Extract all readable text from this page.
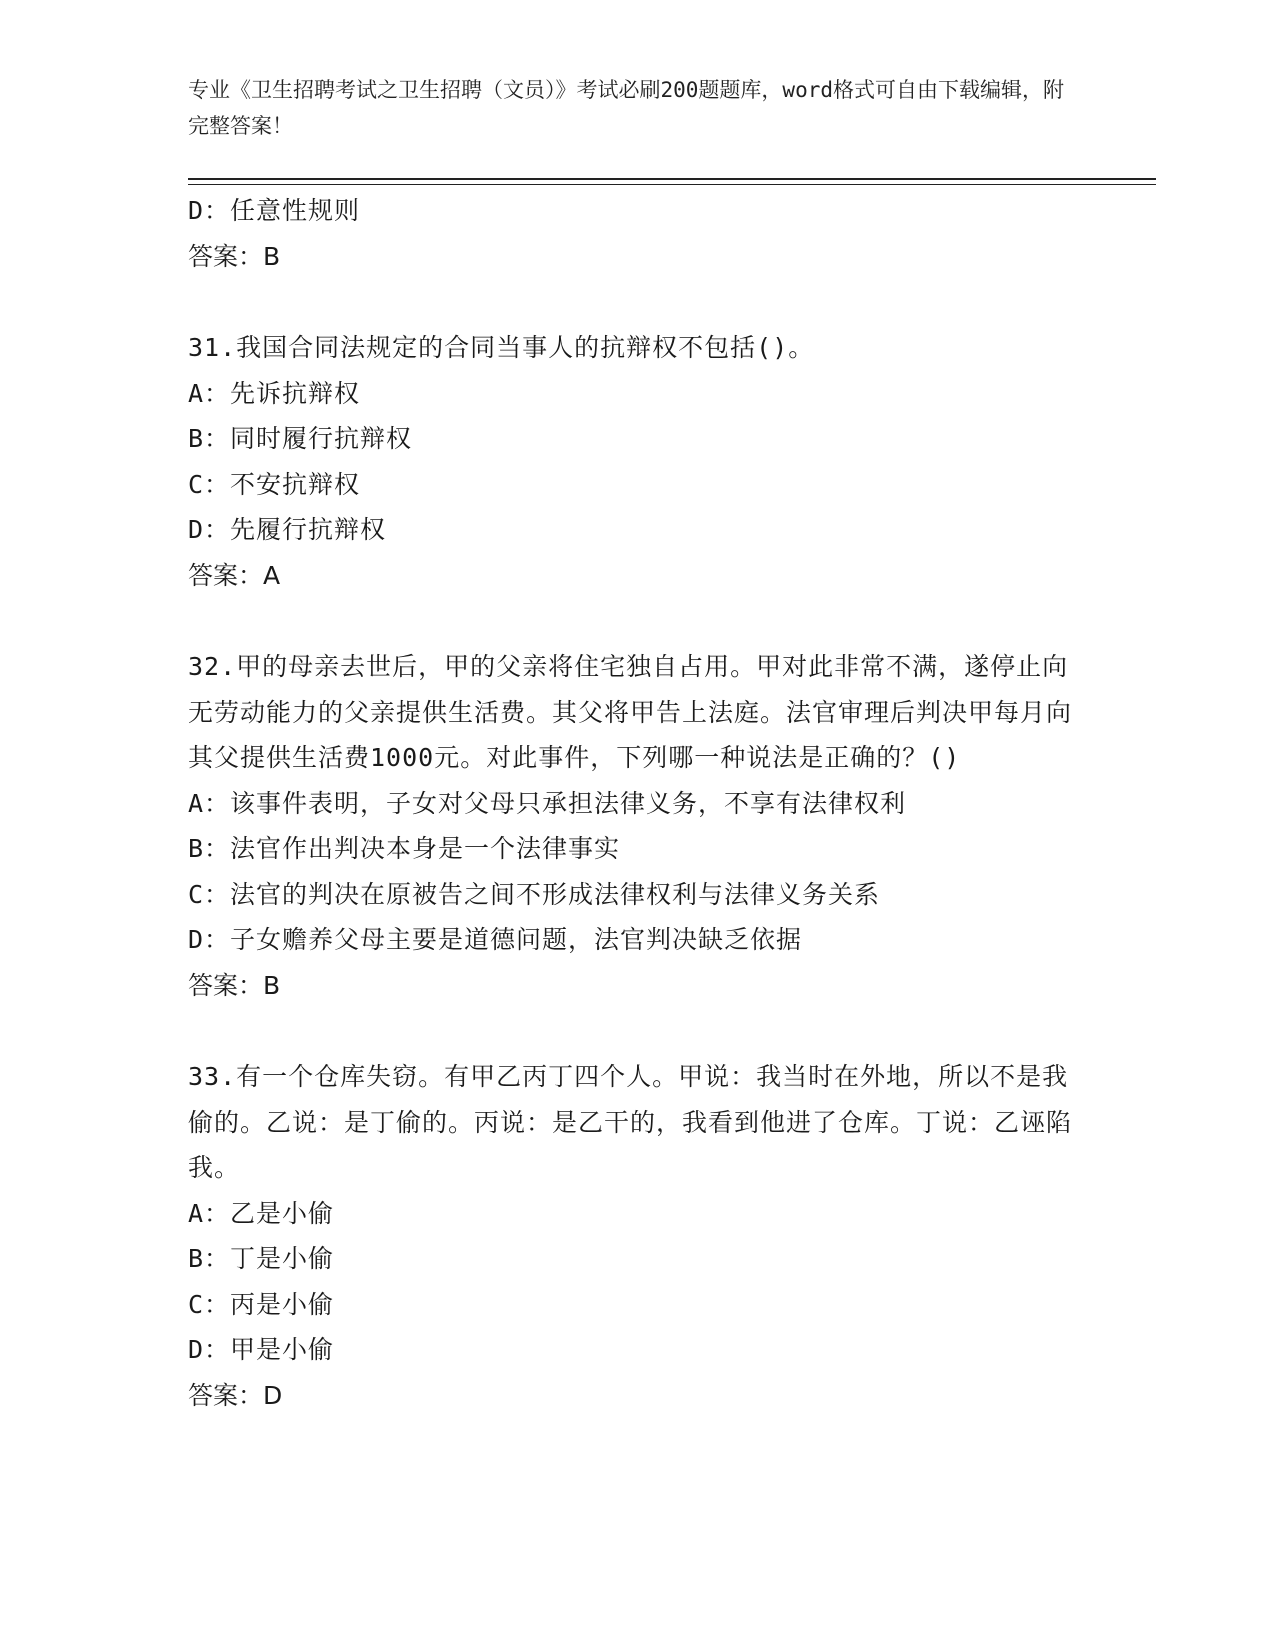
专业《卫生招聘考试之卫生招聘（文员）》考试必刷200题题库，word格式可自由下载编辑，附完整答案！
D：任意性规则
答案：B
31.我国合同法规定的合同当事人的抗辩权不包括()。
A：先诉抗辩权
B：同时履行抗辩权
C：不安抗辩权
D：先履行抗辩权
答案：A
32.甲的母亲去世后，甲的父亲将住宅独自占用。甲对此非常不满，遂停止向无劳动能力的父亲提供生活费。其父将甲告上法庭。法官审理后判决甲每月向其父提供生活费1000元。对此事件，下列哪一种说法是正确的？()
A：该事件表明，子女对父母只承担法律义务，不享有法律权利
B：法官作出判决本身是一个法律事实
C：法官的判决在原被告之间不形成法律权利与法律义务关系
D：子女赡养父母主要是道德问题，法官判决缺乏依据
答案：B
33.有一个仓库失窃。有甲乙丙丁四个人。甲说：我当时在外地，所以不是我偷的。乙说：是丁偷的。丙说：是乙干的，我看到他进了仓库。丁说：乙诬陷我。
A：乙是小偷
B：丁是小偷
C：丙是小偷
D：甲是小偷
答案：D
